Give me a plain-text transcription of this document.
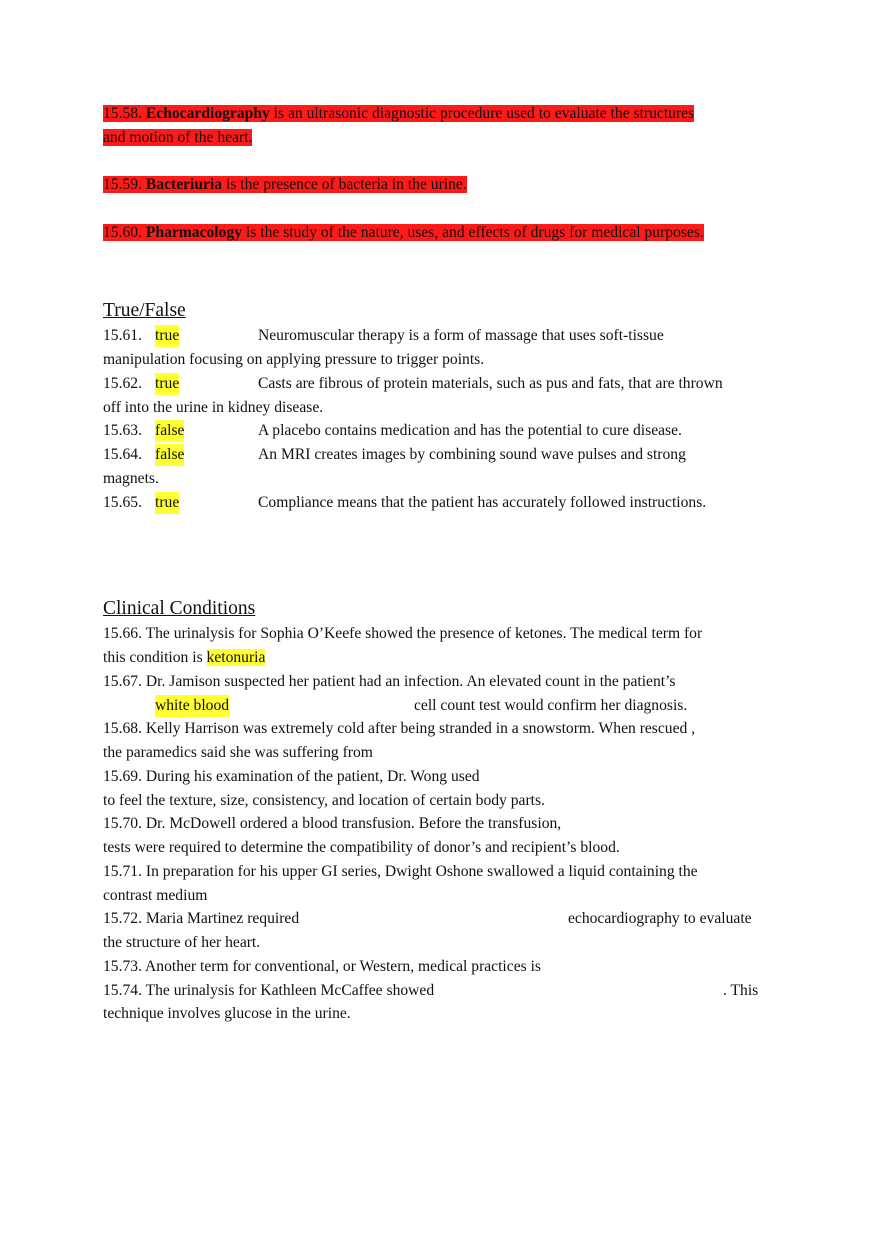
15.58. Echocardiography is an ultrasonic diagnostic procedure used to evaluate the structures
and motion of the heart.
15.59. Bacteriuria is the presence of bacteria in the urine.
15.60. Pharmacology is the study of the nature, uses, and effects of drugs for medical purposes.
True/False
15.61. true	Neuromuscular therapy is a form of massage that uses soft-tissue
manipulation focusing on applying pressure to trigger points.
15.62. true	Casts are fibrous of protein materials, such as pus and fats, that are thrown
off into the urine in kidney disease.
15.63. false	A placebo contains medication and has the potential to cure disease.
15.64. false	An MRI creates images by combining sound wave pulses and strong
magnets.
15.65. true	Compliance means that the patient has accurately followed instructions.
Clinical Conditions
15.66. The urinalysis for Sophia O’Keefe showed the presence of ketones. The medical term for
this condition is ketonuria
15.67. Dr. Jamison suspected her patient had an infection. An elevated count in the patient’s
white blood	cell count test would confirm her diagnosis.
15.68. Kelly Harrison was extremely cold after being stranded in a snowstorm. When rescued ,
the paramedics said she was suffering from
15.69. During his examination of the patient, Dr. Wong used
to feel the texture, size, consistency, and location of certain body parts.
15.70. Dr. McDowell ordered a blood transfusion. Before the transfusion,
tests were required to determine the compatibility of donor’s and recipient’s blood.
15.71. In preparation for his upper GI series, Dwight Oshone swallowed a liquid containing the
contrast medium
15.72. Maria Martinez required	echocardiography to evaluate
the structure of her heart.
15.73. Another term for conventional, or Western, medical practices is
15.74. The urinalysis for Kathleen McCaffee showed	. This
technique involves glucose in the urine.
